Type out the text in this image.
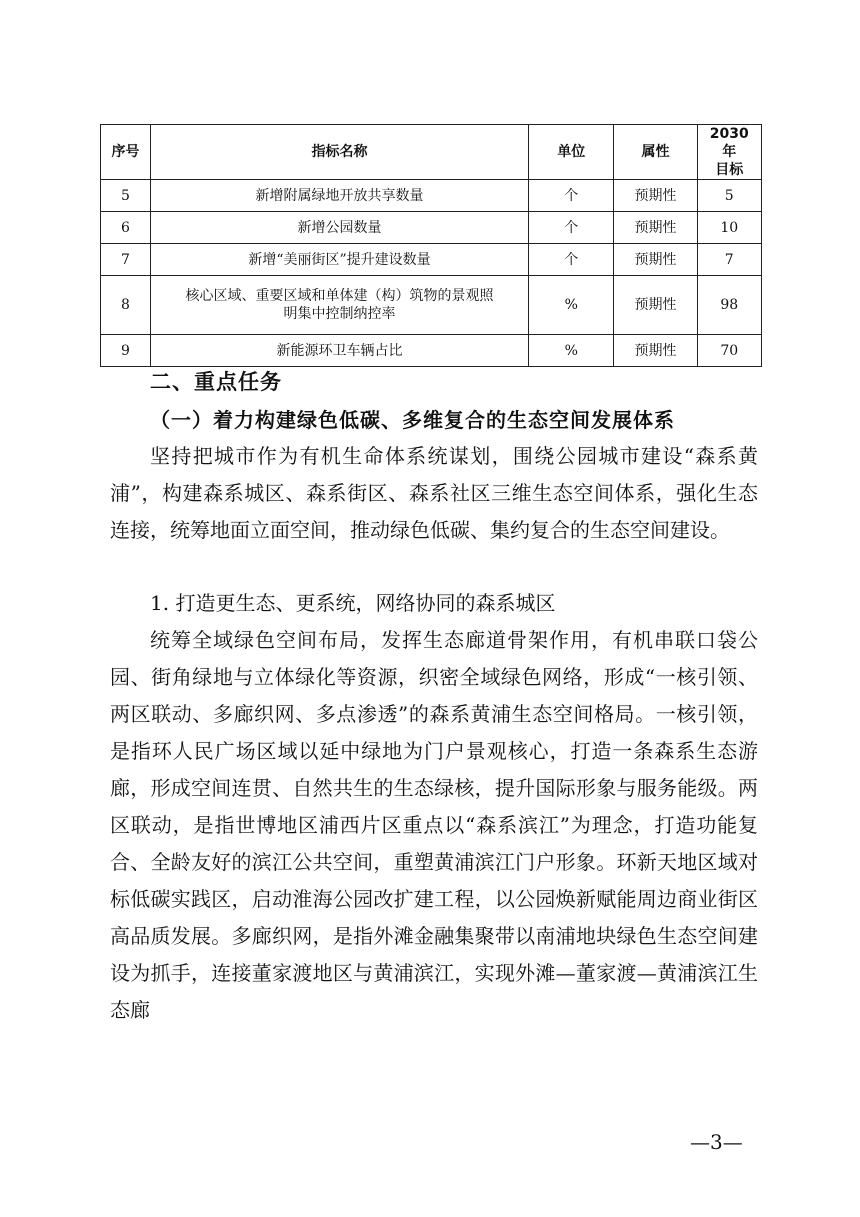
序号	指标名称	单位	属性	2030 年
目标

5	新增附属绿地开放共享数量	个	预期性	5
6	新增公园数量	个	预期性	10
7	新增“美丽街区”提升建设数量	个	预期性	7
8	核心区域、重要区域和单体建（构）筑物的景观照
明集中控制纳控率	%	预期性	98
9	新能源环卫车辆占比	%	预期性	70
二、重点任务
（一）着力构建绿色低碳、多维复合的生态空间发展体系

坚持把城市作为有机生命体系统谋划，围绕公园城市建设“森系黄浦”，构建森系城区、森系街区、森系社区三维生态空间体系，强化生态连接，统筹地面立面空间，推动绿色低碳、集约复合的生态空间建设。

1. 打造更生态、更系统，网络协同的森系城区

统筹全域绿色空间布局，发挥生态廊道骨架作用，有机串联口袋公园、街角绿地与立体绿化等资源，织密全域绿色网络，形成“一核引领、两区联动、多廊织网、多点渗透”的森系黄浦生态空间格局。一核引领，是指环人民广场区域以延中绿地为门户景观核心，打造一条森系生态游廊，形成空间连贯、自然共生的生态绿核，提升国际形象与服务能级。两区联动，是指世博地区浦西片区重点以“森系滨江”为理念，打造功能复合、全龄友好的滨江公共空间，重塑黄浦滨江门户形象。环新天地区域对标低碳实践区，启动淮海公园改扩建工程，以公园焕新赋能周边商业街区高品质发展。多廊织网，是指外滩金融集聚带以南浦地块绿色生态空间建设为抓手，连接董家渡地区与黄浦滨江，实现外滩—董家渡—黄浦滨江生态廊

—3—
